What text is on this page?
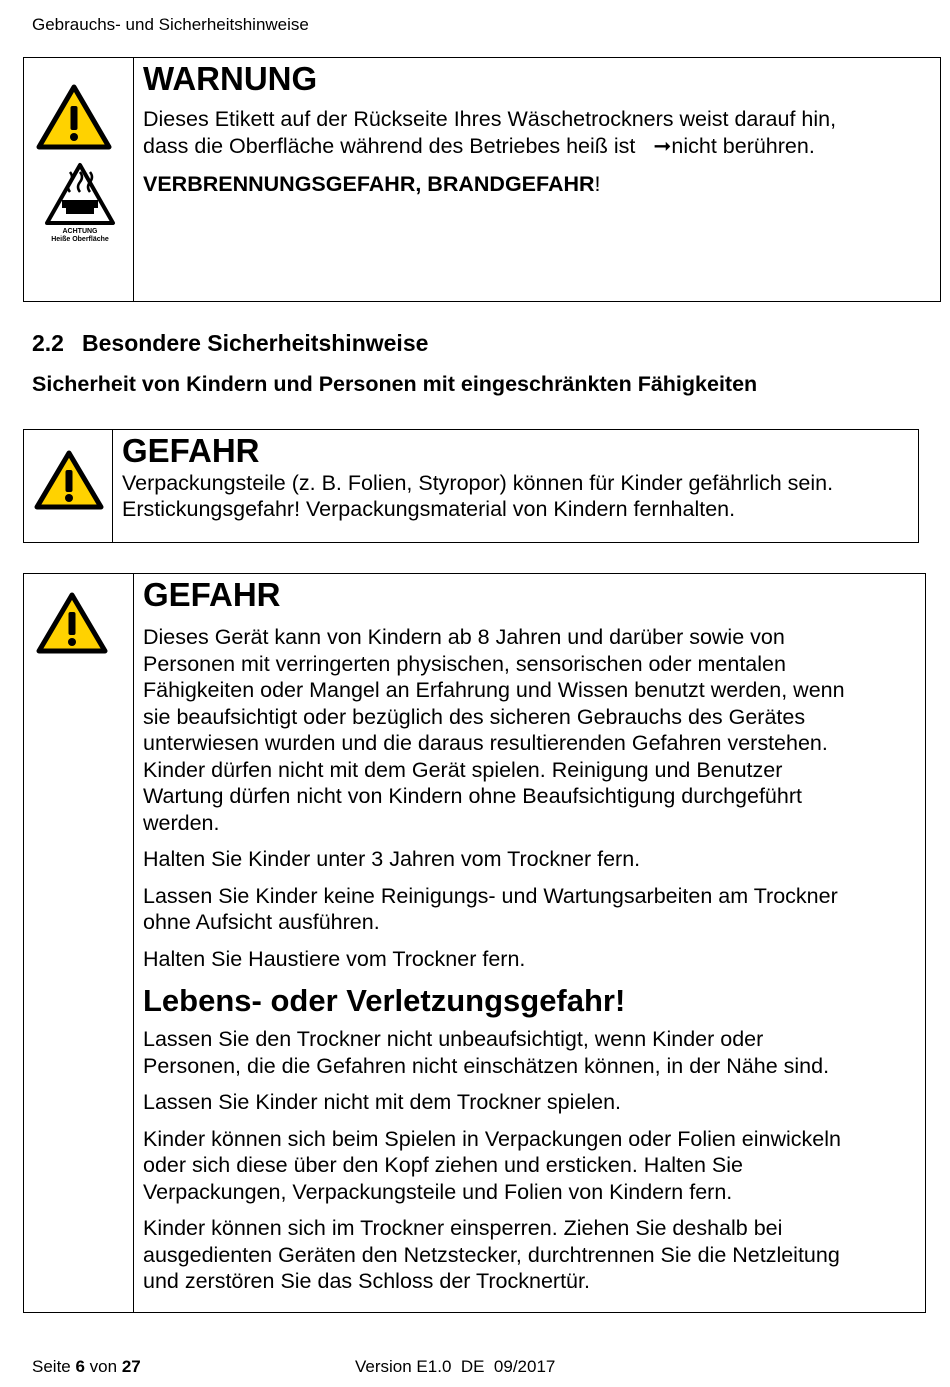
Gebrauchs- und Sicherheitshinweise
ACHTUNG
Heiße Oberfläche
WARNUNG
Dieses Etikett auf der Rückseite Ihres Wäschetrockners weist darauf hin,
dass die Oberfläche während des Betriebes heiß ist ➞nicht berühren.
VERBRENNUNGSGEFAHR, BRANDGEFAHR!
2.2 Besondere Sicherheitshinweise
Sicherheit von Kindern und Personen mit eingeschränkten Fähigkeiten
GEFAHR
Verpackungsteile (z. B. Folien, Styropor) können für Kinder gefährlich sein.
Erstickungsgefahr! Verpackungsmaterial von Kindern fernhalten.
GEFAHR
Dieses Gerät kann von Kindern ab 8 Jahren und darüber sowie von
Personen mit verringerten physischen, sensorischen oder mentalen
Fähigkeiten oder Mangel an Erfahrung und Wissen benutzt werden, wenn
sie beaufsichtigt oder bezüglich des sicheren Gebrauchs des Gerätes
unterwiesen wurden und die daraus resultierenden Gefahren verstehen.
Kinder dürfen nicht mit dem Gerät spielen. Reinigung und Benutzer
Wartung dürfen nicht von Kindern ohne Beaufsichtigung durchgeführt
werden.
Halten Sie Kinder unter 3 Jahren vom Trockner fern.
Lassen Sie Kinder keine Reinigungs- und Wartungsarbeiten am Trockner
ohne Aufsicht ausführen.
Halten Sie Haustiere vom Trockner fern.
Lebens- oder Verletzungsgefahr!
Lassen Sie den Trockner nicht unbeaufsichtigt, wenn Kinder oder
Personen, die die Gefahren nicht einschätzen können, in der Nähe sind.
Lassen Sie Kinder nicht mit dem Trockner spielen.
Kinder können sich beim Spielen in Verpackungen oder Folien einwickeln
oder sich diese über den Kopf ziehen und ersticken. Halten Sie
Verpackungen, Verpackungsteile und Folien von Kindern fern.
Kinder können sich im Trockner einsperren. Ziehen Sie deshalb bei
ausgedienten Geräten den Netzstecker, durchtrennen Sie die Netzleitung
und zerstören Sie das Schloss der Trocknertür.
Seite 6 von 27	Version E1.0  DE  09/2017
